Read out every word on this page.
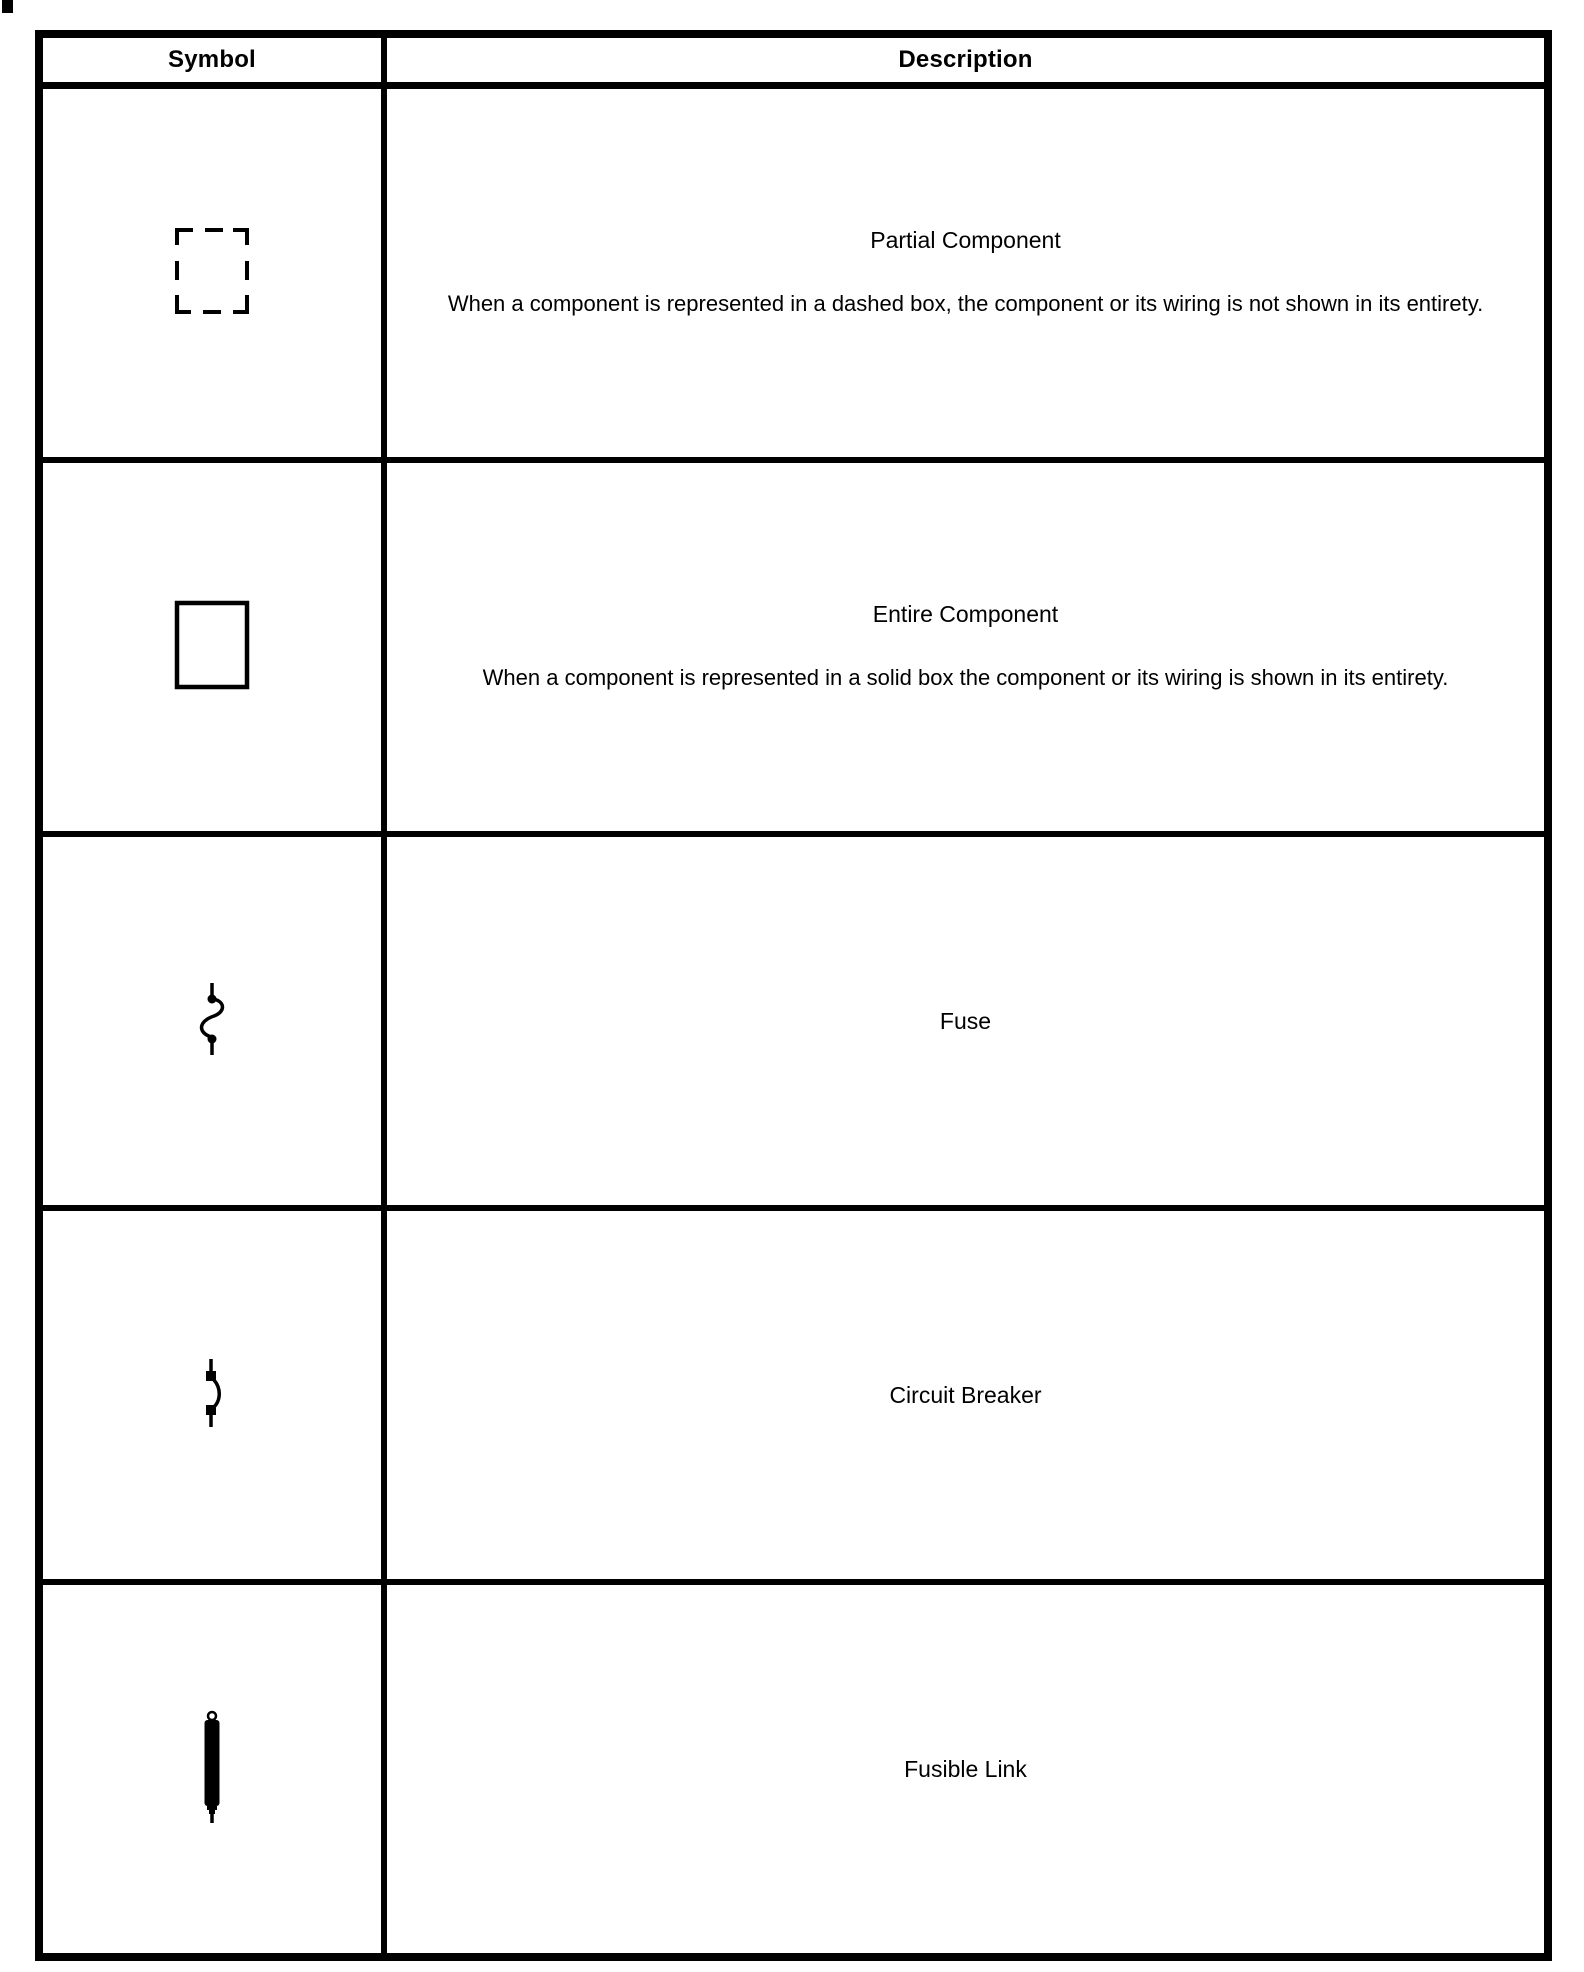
Symbol	Description

Partial Component
When a component is represented in a dashed box, the component or its wiring is not shown in its entirety.

Entire Component
When a component is represented in a solid box the component or its wiring is shown in its entirety.

Fuse

Circuit Breaker

Fusible Link
